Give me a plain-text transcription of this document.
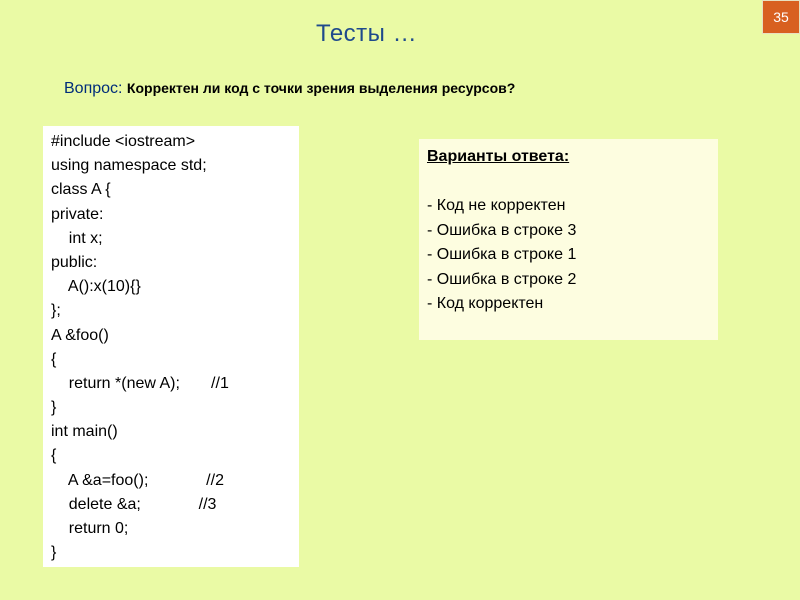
35
Тесты …
Вопрос: Корректен ли код с точки зрения выделения ресурсов?
#include <iostream>
using namespace std;
class A {
private:
int x;
public:
A():x(10){}
};
A &foo()
{
return *(new A);       //1
}
int main()
{
A &a=foo();             //2
delete &a;             //3
return 0;
}
Варианты ответа:
- Код не корректен
- Ошибка в строке 3
- Ошибка в строке 1
- Ошибка в строке 2
- Код корректен
